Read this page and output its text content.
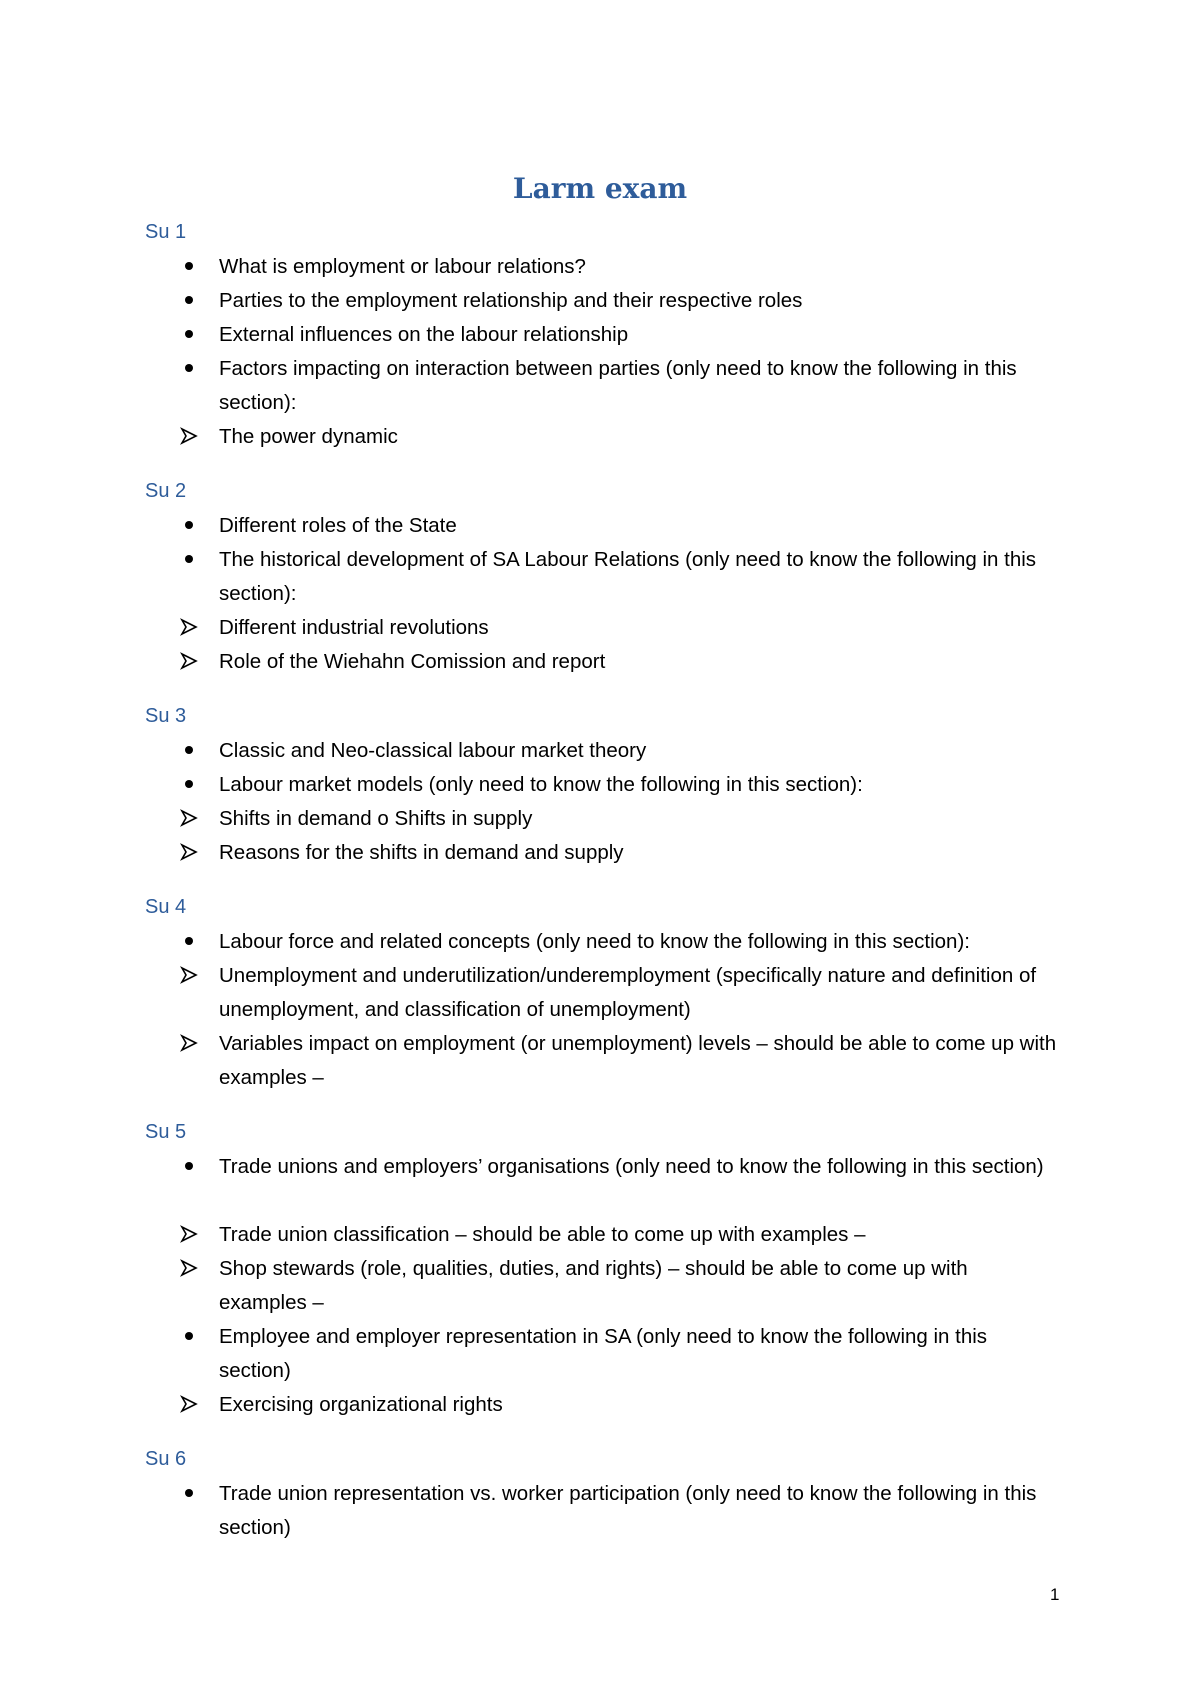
Larm exam
Su 1
What is employment or labour relations?
Parties to the employment relationship and their respective roles
External influences on the labour relationship
Factors impacting on interaction between parties (only need to know the following in this section):
The power dynamic
Su 2
Different roles of the State
The historical development of SA Labour Relations (only need to know the following in this section):
Different industrial revolutions
Role of the Wiehahn Comission and report
Su 3
Classic and Neo-classical labour market theory
Labour market models (only need to know the following in this section):
Shifts in demand o Shifts in supply
Reasons for the shifts in demand and supply
Su 4
Labour force and related concepts (only need to know the following in this section):
Unemployment and underutilization/underemployment (specifically nature and definition of unemployment, and classification of unemployment)
Variables impact on employment (or unemployment) levels – should be able to come up with examples –
Su 5
Trade unions and employers’ organisations (only need to know the following in this section)
Trade union classification – should be able to come up with examples –
Shop stewards (role, qualities, duties, and rights) – should be able to come up with examples –
Employee and employer representation in SA (only need to know the following in this section)
Exercising organizational rights
Su 6
Trade union representation vs. worker participation (only need to know the following in this section)
1
